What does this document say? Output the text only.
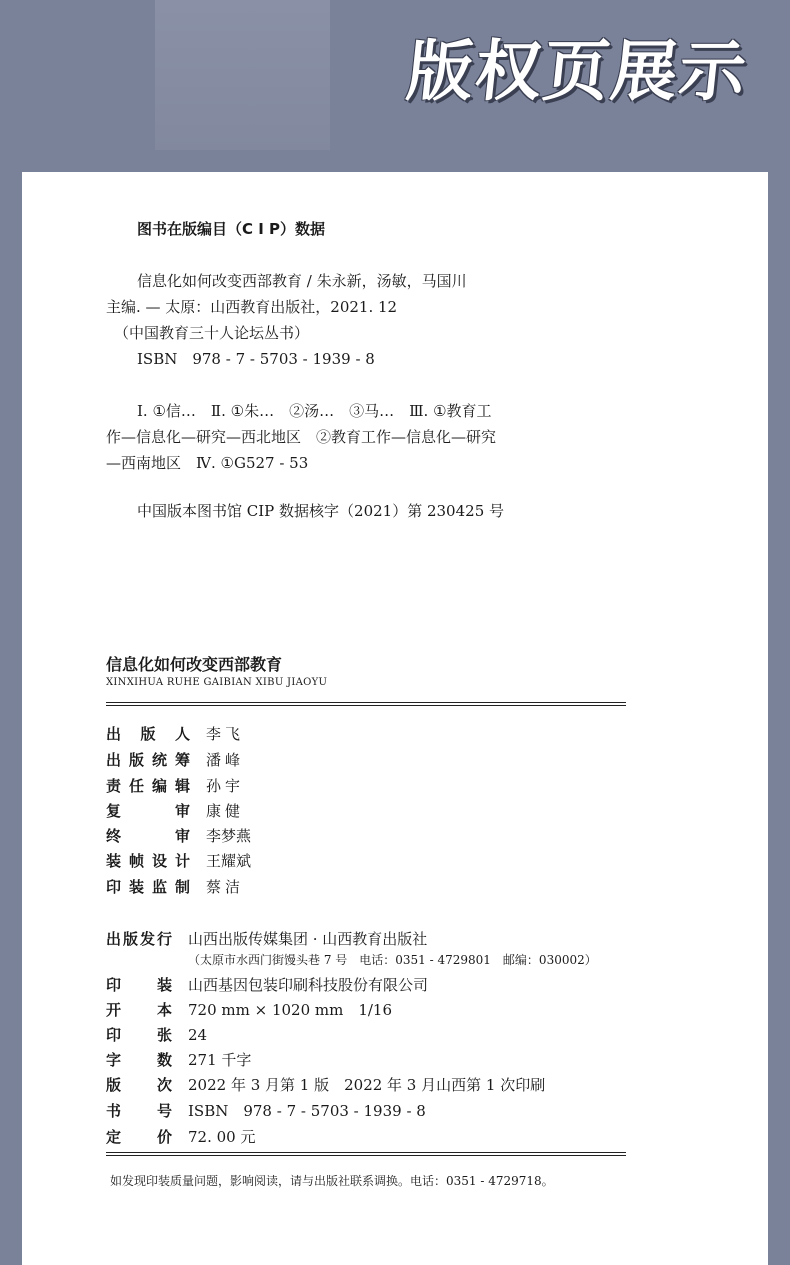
版权页展示
图书在版编目（C I P）数据
信息化如何改变西部教育 / 朱永新，汤敏，马国川
主编. — 太原：山西教育出版社，2021. 12
（中国教育三十人论坛丛书）
ISBN　978 - 7 - 5703 - 1939 - 8
Ⅰ. ①信…　Ⅱ. ①朱…　②汤…　③马…　Ⅲ. ①教育工
作—信息化—研究—西北地区　②教育工作—信息化—研究
—西南地区　Ⅳ. ①G527 - 53
中国版本图书馆 CIP 数据核字（2021）第 230425 号
信息化如何改变西部教育
XINXIHUA RUHE GAIBIAN XIBU JIAOYU
出版人 李飞
出版统筹 潘峰
责任编辑 孙宇
复审 康健
终审 李梦燕
装帧设计 王耀斌
印装监制 蔡洁
出版发行 山西出版传媒集团 · 山西教育出版社
（太原市水西门街馒头巷 7 号　电话：0351 - 4729801　邮编：030002）
印装 山西基因包装印刷科技股份有限公司
开本 720 mm × 1020 mm　1/16
印张 24
字数 271 千字
版次 2022 年 3 月第 1 版　2022 年 3 月山西第 1 次印刷
书号 ISBN　978 - 7 - 5703 - 1939 - 8
定价 72. 00 元
如发现印装质量问题，影响阅读，请与出版社联系调换。电话：0351 - 4729718。
